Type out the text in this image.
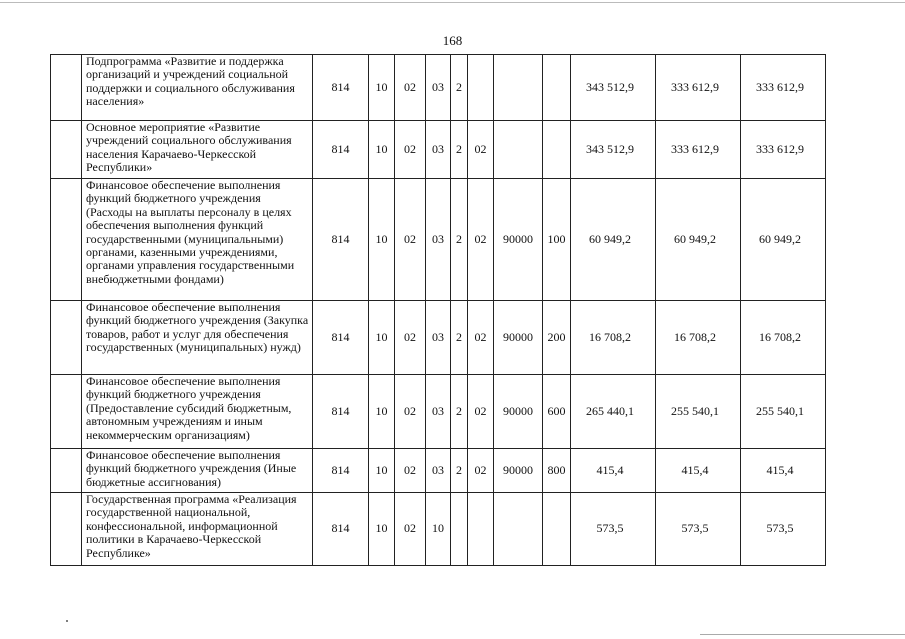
168
	Подпрограмма «Развитие и поддержка организаций и учреждений социальной поддержки и социального обслуживания населения»	814	10	02	03	2				343 512,9	333 612,9	333 612,9
	Основное мероприятие «Развитие учреждений социального обслуживания населения Карачаево-Черкесской Республики»	814	10	02	03	2	02			343 512,9	333 612,9	333 612,9
	Финансовое обеспечение выполнения функций бюджетного учреждения (Расходы на выплаты персоналу в целях обеспечения выполнения функций государственными (муниципальными) органами, казенными учреждениями, органами управления государственными внебюджетными фондами)	814	10	02	03	2	02	90000	100	60 949,2	60 949,2	60 949,2
	Финансовое обеспечение выполнения функций бюджетного учреждения (Закупка товаров, работ и услуг для обеспечения государственных (муниципальных) нужд)	814	10	02	03	2	02	90000	200	16 708,2	16 708,2	16 708,2
	Финансовое обеспечение выполнения функций бюджетного учреждения (Предоставление субсидий бюджетным, автономным учреждениям и иным некоммерческим организациям)	814	10	02	03	2	02	90000	600	265 440,1	255 540,1	255 540,1
	Финансовое обеспечение выполнения функций бюджетного учреждения (Иные бюджетные ассигнования)	814	10	02	03	2	02	90000	800	415,4	415,4	415,4
	Государственная программа «Реализация государственной национальной, конфессиональной, информационной политики в Карачаево-Черкесской Республике»	814	10	02	10					573,5	573,5	573,5
